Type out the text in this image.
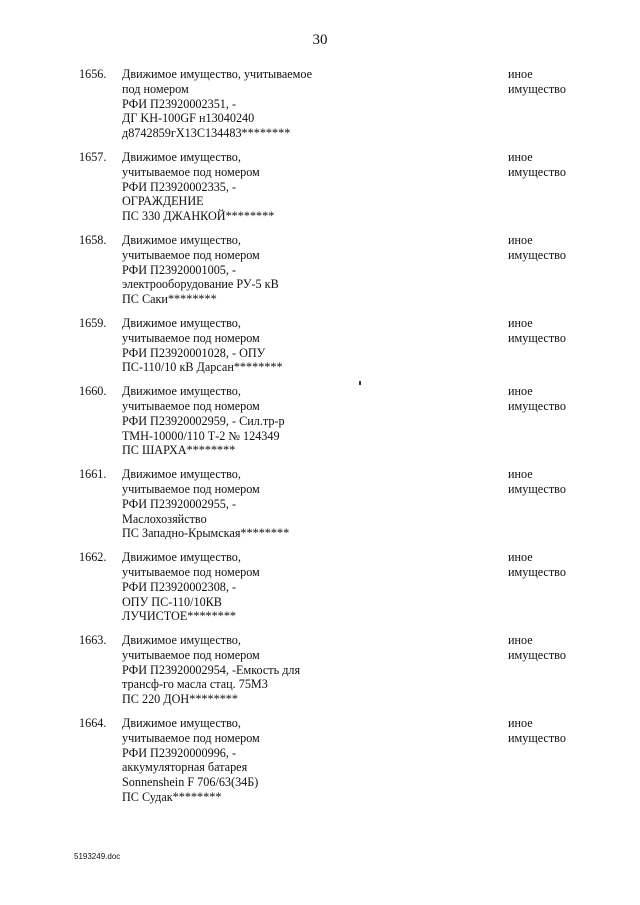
30
1656. Движимое имущество, учитываемое
под номером
РФИ П23920002351, -
ДГ KH-100GF н13040240
д8742859гX13C134483********
иное
имущество
1657. Движимое имущество,
учитываемое под номером
РФИ П23920002335, -
ОГРАЖДЕНИЕ
ПС 330 ДЖАНКОЙ********
иное
имущество
1658. Движимое имущество,
учитываемое под номером
РФИ П23920001005, -
электрооборудование РУ-5 кВ
ПС Саки********
иное
имущество
1659. Движимое имущество,
учитываемое под номером
РФИ П23920001028, - ОПУ
ПС-110/10 кВ Дарсан********
иное
имущество
1660. Движимое имущество,
учитываемое под номером
РФИ П23920002959, - Сил.тр-р
ТМН-10000/110 Т-2 № 124349
ПС ШАРХА********
иное
имущество
1661. Движимое имущество,
учитываемое под номером
РФИ П23920002955, -
Маслохозяйство
ПС Западно-Крымская********
иное
имущество
1662. Движимое имущество,
учитываемое под номером
РФИ П23920002308, -
ОПУ ПС-110/10КВ
ЛУЧИСТОЕ********
иное
имущество
1663. Движимое имущество,
учитываемое под номером
РФИ П23920002954, -Емкость для
трансф-го масла стац. 75М3
ПС 220 ДОН********
иное
имущество
1664. Движимое имущество,
учитываемое под номером
РФИ П23920000996, -
аккумуляторная батарея
Sonnenshein F 706/63(34Б)
ПС Судак********
иное
имущество
5193249.doc
